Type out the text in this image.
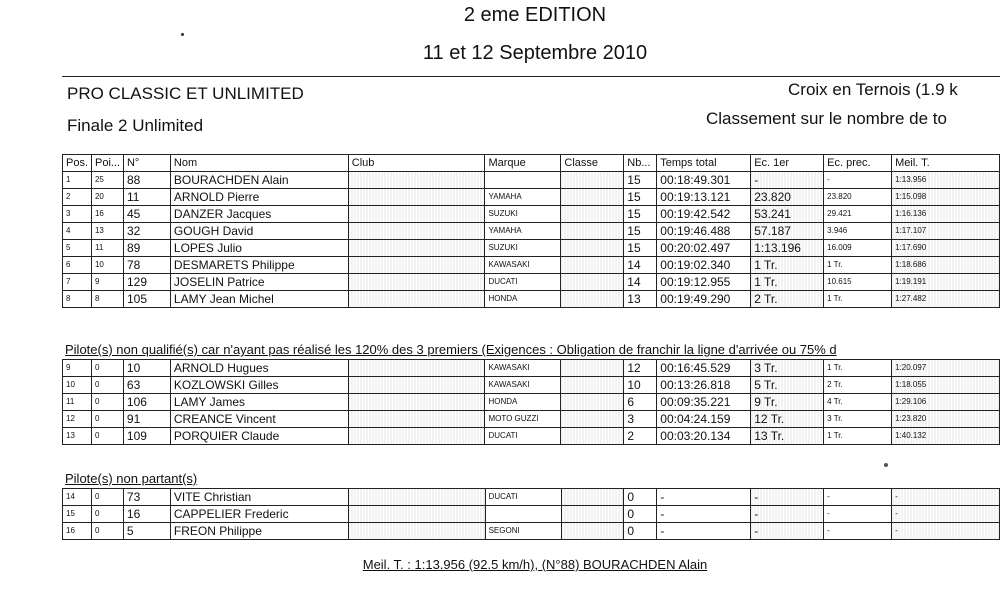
2 eme EDITION
11 et 12 Septembre 2010
PRO CLASSIC ET UNLIMITED
Finale 2 Unlimited
Croix en Ternois (1.9 k
Classement sur le nombre de to
Pos.	Poi...	N°	Nom	Club	Marque	Classe	Nb...	Temps total	Ec. 1er	Ec. prec.	Meil. T.
1	25	88	BOURACHDEN Alain				15	00:18:49.301	-	-	1:13.956
2	20	11	ARNOLD Pierre		YAMAHA		15	00:19:13.121	23.820	23.820	1:15.098
3	16	45	DANZER Jacques		SUZUKI		15	00:19:42.542	53.241	29.421	1:16.136
4	13	32	GOUGH David		YAMAHA		15	00:19:46.488	57.187	3.946	1:17.107
5	11	89	LOPES Julio		SUZUKI		15	00:20:02.497	1:13.196	16.009	1:17.690
6	10	78	DESMARETS Philippe		KAWASAKI		14	00:19:02.340	1 Tr.	1 Tr.	1:18.686
7	9	129	JOSELIN Patrice		DUCATI		14	00:19:12.955	1 Tr.	10.615	1:19.191
8	8	105	LAMY Jean Michel		HONDA		13	00:19:49.290	2 Tr.	1 Tr.	1:27.482
Pilote(s) non qualifié(s) car n'ayant pas réalisé les 120% des 3 premiers (Exigences : Obligation de franchir la ligne d'arrivée ou 75% d
9	0	10	ARNOLD Hugues		KAWASAKI		12	00:16:45.529	3 Tr.	1 Tr.	1:20.097
10	0	63	KOZLOWSKI Gilles		KAWASAKI		10	00:13:26.818	5 Tr.	2 Tr.	1:18.055
11	0	106	LAMY James		HONDA		6	00:09:35.221	9 Tr.	4 Tr.	1:29.106
12	0	91	CREANCE Vincent		MOTO GUZZI		3	00:04:24.159	12 Tr.	3 Tr.	1:23.820
13	0	109	PORQUIER Claude		DUCATI		2	00:03:20.134	13 Tr.	1 Tr.	1:40.132
Pilote(s) non partant(s)
14	0	73	VITE Christian		DUCATI		0	-	-	-	-
15	0	16	CAPPELIER Frederic				0	-	-	-	-
16	0	5	FREON Philippe		SEGONI		0	-	-	-	-
Meil. T. : 1:13.956 (92.5 km/h), (N°88) BOURACHDEN Alain
